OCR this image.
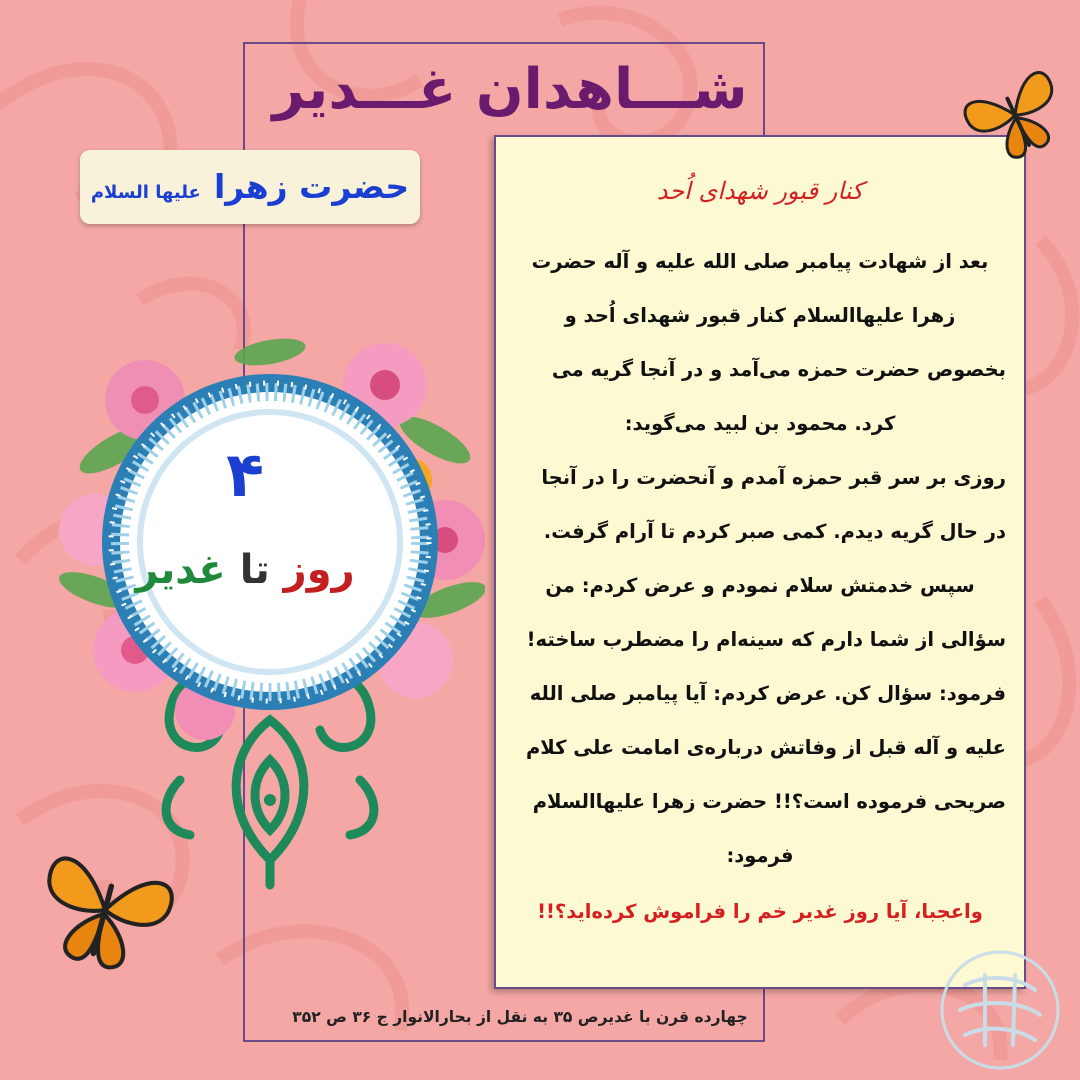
شـــاهدان غـــدیر
حضرت زهرا علیها السلام
۴
روز تا غدیر
کنار قبور شهدای اُحد

بعد از شهادت پیامبر صلی الله علیه و آله حضرت

زهرا علیهاالسلام کنار قبور شهدای اُحد و

بخصوص حضرت حمزه می‌آمد و در آنجا گریه می

کرد. محمود بن لبید می‌گوید:

روزی بر سر قبر حمزه آمدم و آنحضرت را در آنجا

در حال گریه دیدم. کمی صبر کردم تا آرام گرفت.

سپس خدمتش سلام نمودم و عرض کردم: من

سؤالی از شما دارم که سینه‌ام را مضطرب ساخته!

فرمود: سؤال کن. عرض کردم: آیا پیامبر صلی الله

علیه و آله قبل از وفاتش درباره‌ی امامت علی کلام

صریحی فرموده است؟!! حضرت زهرا علیهاالسلام

فرمود:

واعجبا، آیا روز غدیر خم را فراموش کرده‌اید؟!!

چهارده قرن با غدیرص ۳۵ به نقل از بحارالانوار ج ۳۶ ص ۳۵۲
